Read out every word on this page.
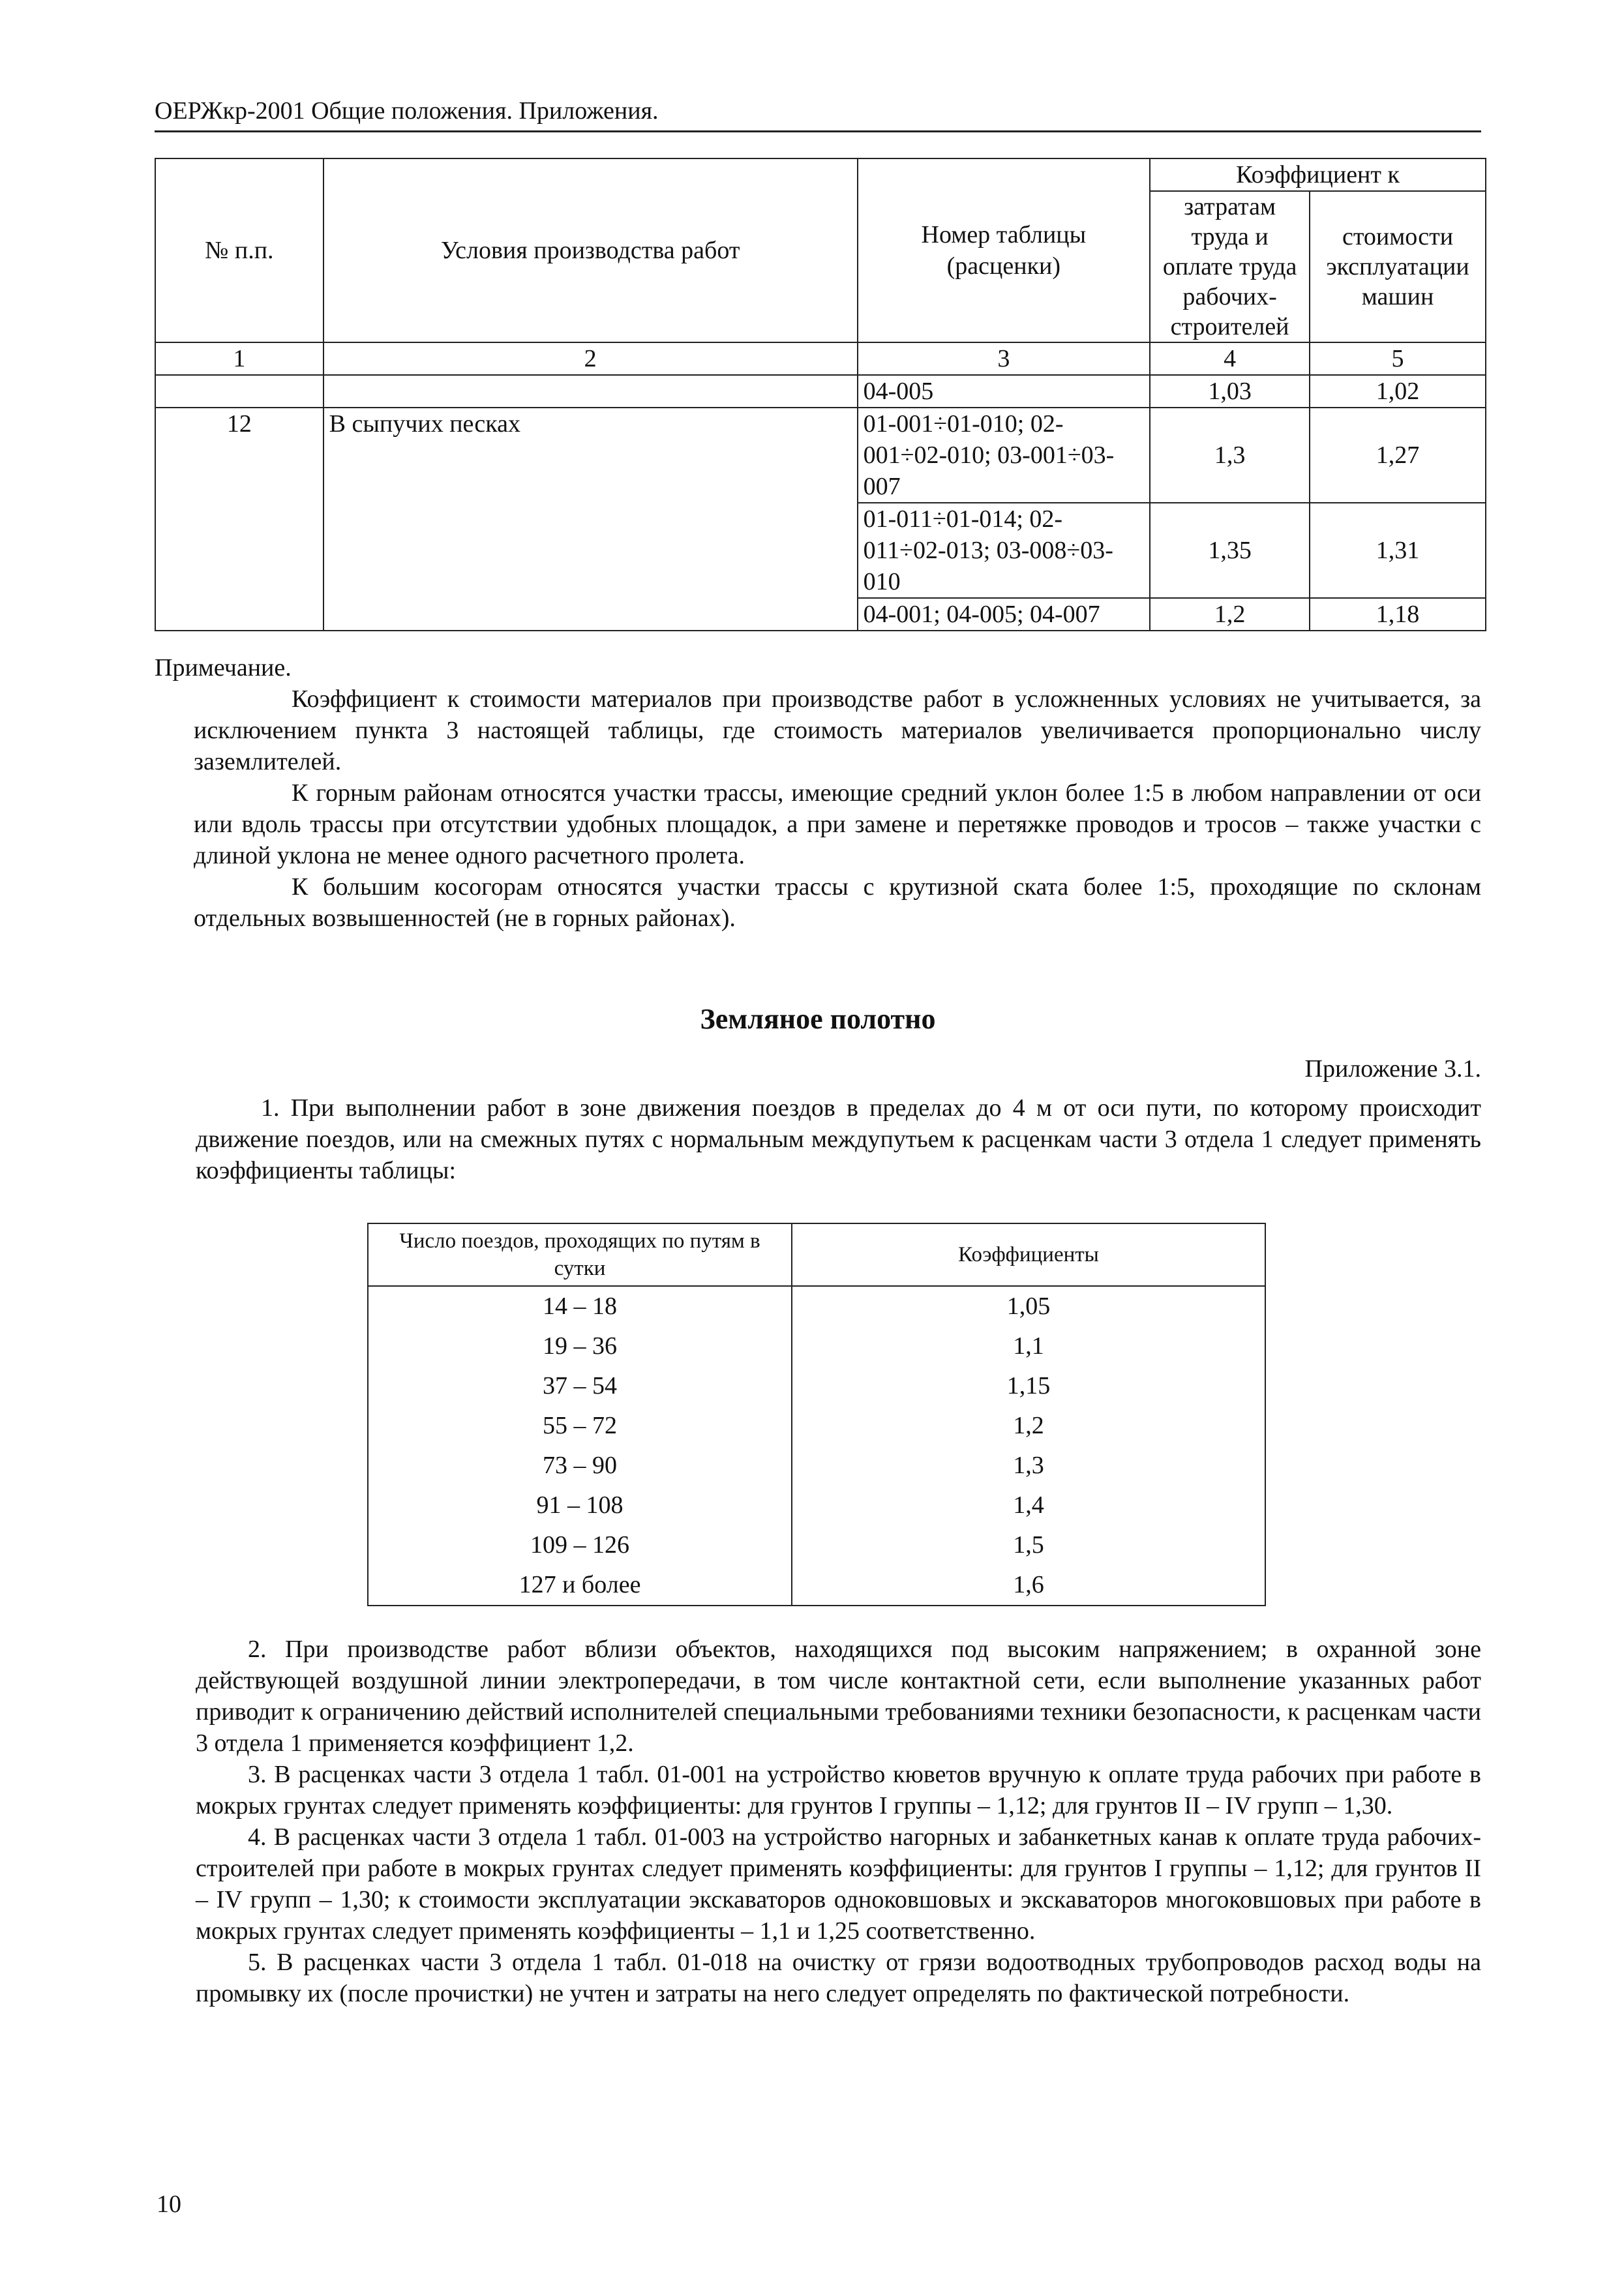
ОЕРЖкр-2001 Общие положения. Приложения.
№ п.п.	Условия производства работ	Номер таблицы (расценки)	Коэффициент к	
			затратам труда и оплате труда рабочих-строителей	стоимости эксплуатации машин
1	2	3	4	5
		04-005	1,03	1,02
12	В сыпучих песках	01-001÷01-010; 02-001÷02-010; 03-001÷03-007	1,3	1,27
		01-011÷01-014; 02-011÷02-013; 03-008÷03-010	1,35	1,31
		04-001; 04-005; 04-007	1,2	1,18

Примечание.

Коэффициент к стоимости материалов при производстве работ в усложненных условиях не учитывается, за исключением пункта 3 настоящей таблицы, где стоимость материалов увеличивается пропорционально числу заземлителей.

К горным районам относятся участки трассы, имеющие средний уклон более 1:5 в любом направлении от оси или вдоль трассы при отсутствии удобных площадок, а при замене и перетяжке проводов и тросов – также участки с длиной уклона не менее одного расчетного пролета.

К большим косогорам относятся участки трассы с крутизной ската более 1:5, проходящие по склонам отдельных возвышенностей (не в горных районах).

Земляное полотно
Приложение 3.1.

1. При выполнении работ в зоне движения поездов в пределах до 4 м от оси пути, по которому происходит движение поездов, или на смежных путях с нормальным междупутьем к расценкам части 3 отдела 1 следует применять коэффициенты таблицы:

Число поездов, проходящих по путям в сутки	Коэффициенты
14 – 18	1,05
19 – 36	1,1
37 – 54	1,15
55 – 72	1,2
73 – 90	1,3
91 – 108	1,4
109 – 126	1,5
127 и более	1,6

2. При производстве работ вблизи объектов, находящихся под высоким напряжением; в охранной зоне действующей воздушной линии электропередачи, в том числе контактной сети, если выполнение указанных работ приводит к ограничению действий исполнителей специальными требованиями техники безопасности, к расценкам части 3 отдела 1 применяется коэффициент 1,2.

3. В расценках части 3 отдела 1 табл. 01-001 на устройство кюветов вручную к оплате труда рабочих при работе в мокрых грунтах следует применять коэффициенты: для грунтов I группы – 1,12; для грунтов II – IV групп – 1,30.

4. В расценках части 3 отдела 1 табл. 01-003 на устройство нагорных и забанкетных канав к оплате труда рабочих-строителей при работе в мокрых грунтах следует применять коэффициенты: для грунтов I группы – 1,12; для грунтов II – IV групп – 1,30; к стоимости эксплуатации экскаваторов одноковшовых и экскаваторов многоковшовых при работе в мокрых грунтах следует применять коэффициенты – 1,1 и 1,25 соответственно.

5. В расценках части 3 отдела 1 табл. 01-018 на очистку от грязи водоотводных трубопроводов расход воды на промывку их (после прочистки) не учтен и затраты на него следует определять по фактической потребности.

10
